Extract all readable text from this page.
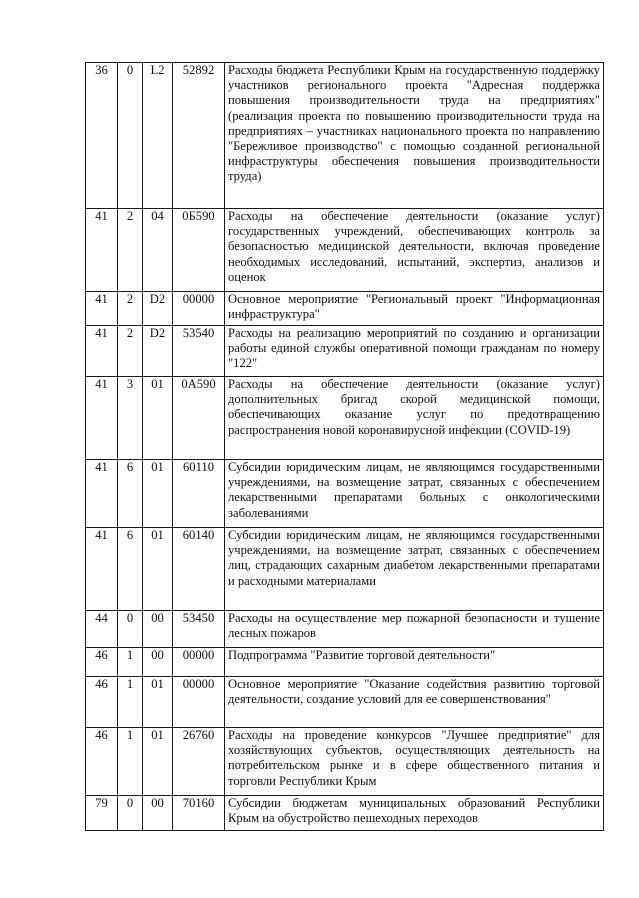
36	0	L2	52892	Расходы бюджета Республики Крым на государственную поддержку участников регионального проекта "Адресная поддержка повышения производительности труда на предприятиях" (реализация проекта по повышению производительности труда на предприятиях – участниках национального проекта по направлению "Бережливое производство" с помощью созданной региональной инфраструктуры обеспечения повышения производительности труда)
41	2	04	0Б590	Расходы на обеспечение деятельности (оказание услуг) государственных учреждений, обеспечивающих контроль за безопасностью медицинской деятельности, включая проведение необходимых исследований, испытаний, экспертиз, анализов и оценок
41	2	D2	00000	Основное мероприятие "Региональный проект "Информационная инфраструктура"
41	2	D2	53540	Расходы на реализацию мероприятий по созданию и организации работы единой службы оперативной помощи гражданам по номеру "122"
41	3	01	0А590	Расходы на обеспечение деятельности (оказание услуг) дополнительных бригад скорой медицинской помощи, обеспечивающих оказание услуг по предотвращению распространения новой коронавирусной инфекции (COVID-19)
41	6	01	60110	Субсидии юридическим лицам, не являющимся государственными учреждениями, на возмещение затрат, связанных с обеспечением лекарственными препаратами больных с онкологическими заболеваниями
41	6	01	60140	Субсидии юридическим лицам, не являющимся государственными учреждениями, на возмещение затрат, связанных с обеспечением лиц, страдающих сахарным диабетом лекарственными препаратами и расходными материалами
44	0	00	53450	Расходы на осуществление мер пожарной безопасности и тушение лесных пожаров
46	1	00	00000	Подпрограмма "Развитие торговой деятельности"
46	1	01	00000	Основное мероприятие "Оказание содействия развитию торговой деятельности, создание условий для ее совершенствования"
46	1	01	26760	Расходы на проведение конкурсов "Лучшее предприятие" для хозяйствующих субъектов, осуществляющих деятельность на потребительском рынке и в сфере общественного питания и торговли Республики Крым
79	0	00	70160	Субсидии бюджетам муниципальных образований Республики Крым на обустройство пешеходных переходов
